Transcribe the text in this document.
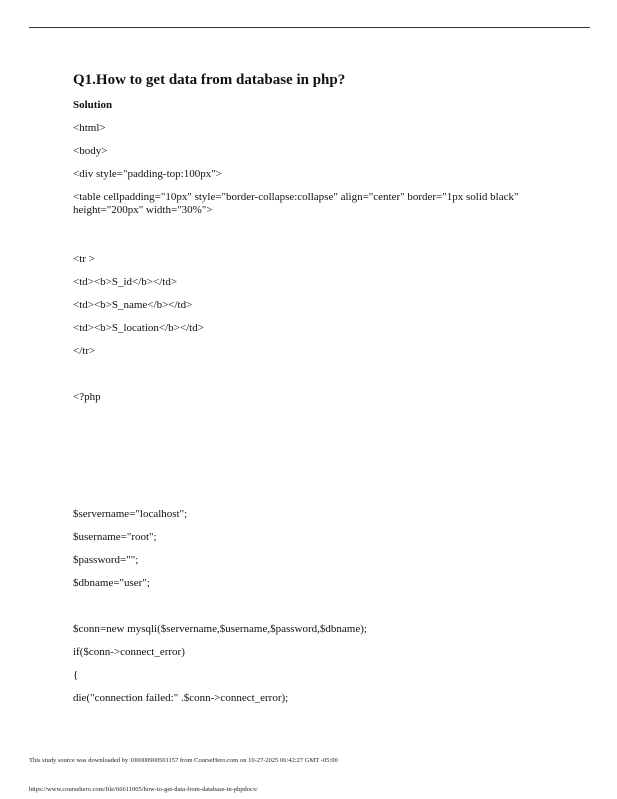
Q1.How to get data from database in php?
Solution
<html>
<body>
<div style="padding-top:100px">
<table cellpadding="10px" style="border-collapse:collapse" align="center" border="1px solid black" height="200px" width="30%">
<tr >
<td><b>S_id</b></td>
<td><b>S_name</b></td>
<td><b>S_location</b></td>
</tr>
<?php
$servername="localhost";
$username="root";
$password="";
$dbname="user";
$conn=new mysqli($servername,$username,$password,$dbname);
if($conn->connect_error)
{
die("connection failed:" .$conn->connect_error);
This study source was downloaded by 100000900501157 from CourseHero.com on 10-27-2025 06:42:27 GMT -05:00
https://www.coursehero.com/file/66611005/how-to-get-data-from-database-in-phpdocx/
